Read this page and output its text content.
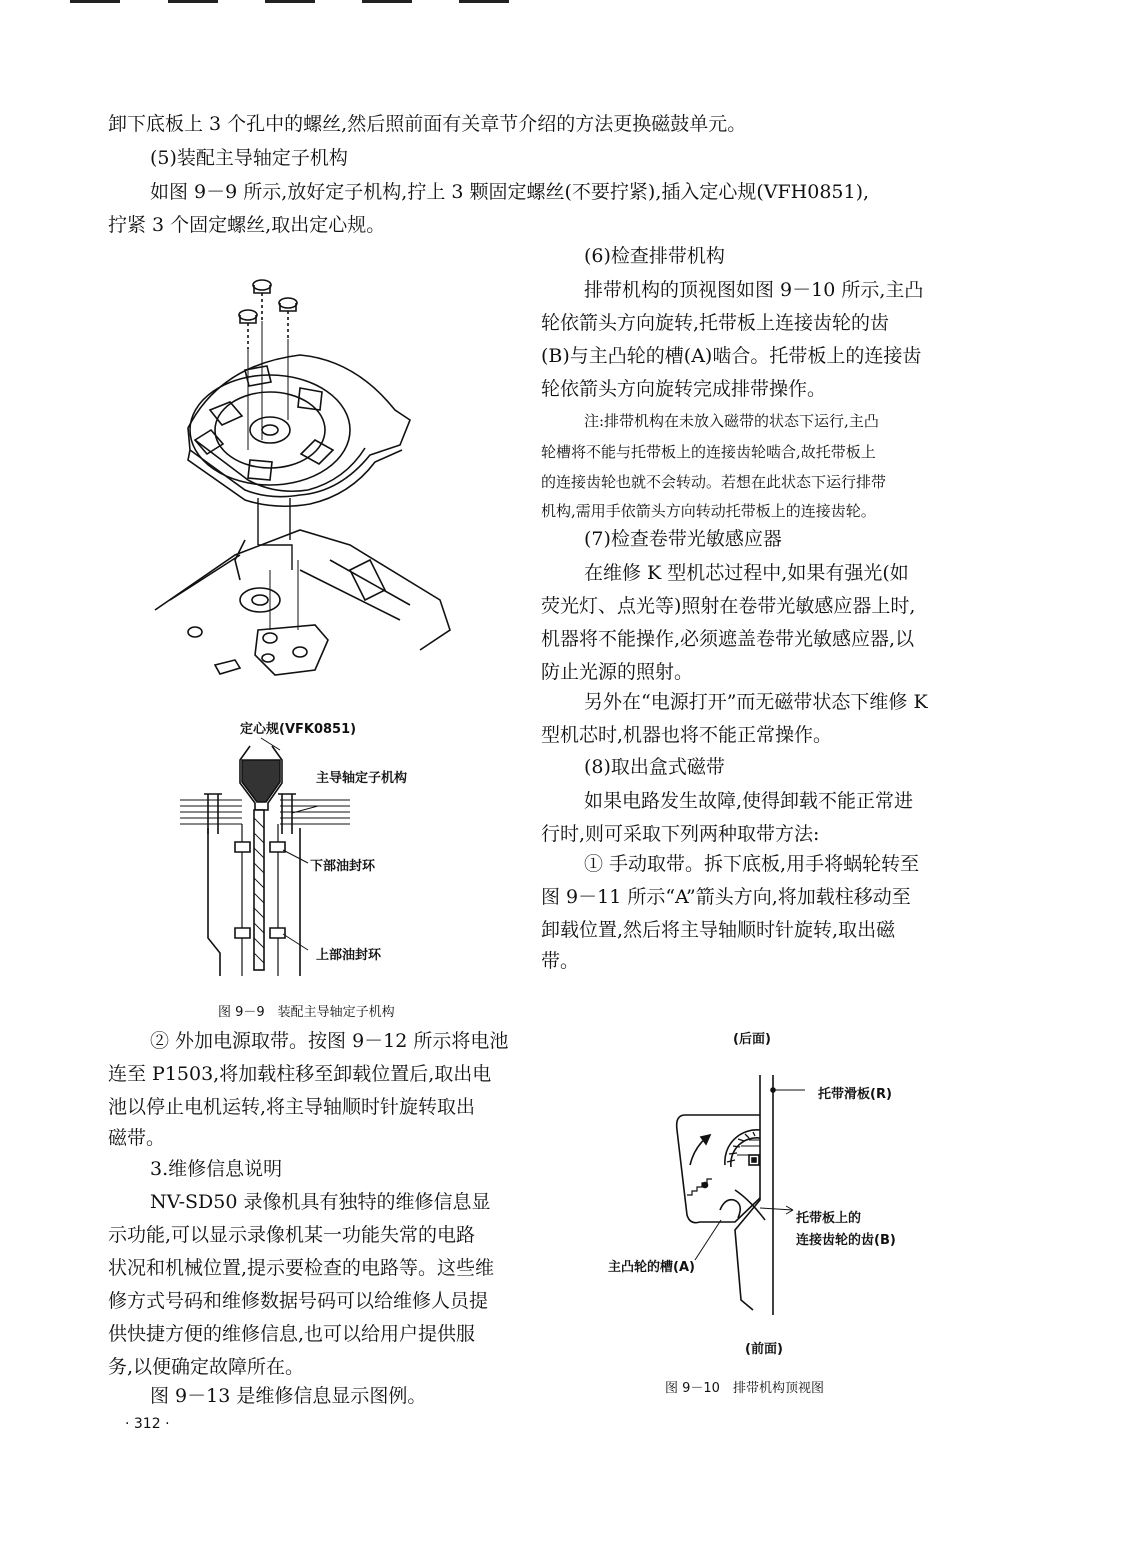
卸下底板上 3 个孔中的螺丝,然后照前面有关章节介绍的方法更换磁鼓单元。
(5)装配主导轴定子机构
如图 9－9 所示,放好定子机构,拧上 3 颗固定螺丝(不要拧紧),插入定心规(VFH0851),
拧紧 3 个固定螺丝,取出定心规。
(6)检查排带机构
排带机构的顶视图如图 9－10 所示,主凸
轮依箭头方向旋转,托带板上连接齿轮的齿
(B)与主凸轮的槽(A)啮合。托带板上的连接齿
轮依箭头方向旋转完成排带操作。
注:排带机构在未放入磁带的状态下运行,主凸
轮槽将不能与托带板上的连接齿轮啮合,故托带板上
的连接齿轮也就不会转动。若想在此状态下运行排带
机构,需用手依箭头方向转动托带板上的连接齿轮。
(7)检查卷带光敏感应器
在维修 K 型机芯过程中,如果有强光(如
荧光灯、点光等)照射在卷带光敏感应器上时,
机器将不能操作,必须遮盖卷带光敏感应器,以
防止光源的照射。
另外在“电源打开”而无磁带状态下维修 K
型机芯时,机器也将不能正常操作。
(8)取出盒式磁带
如果电路发生故障,使得卸载不能正常进
行时,则可采取下列两种取带方法:
① 手动取带。拆下底板,用手将蜗轮转至
图 9－11 所示“A”箭头方向,将加载柱移动至
卸载位置,然后将主导轴顺时针旋转,取出磁
带。
② 外加电源取带。按图 9－12 所示将电池
连至 P1503,将加载柱移至卸载位置后,取出电
池以停止电机运转,将主导轴顺时针旋转取出
磁带。
3.维修信息说明
NV-SD50 录像机具有独特的维修信息显
示功能,可以显示录像机某一功能失常的电路
状况和机械位置,提示要检查的电路等。这些维
修方式号码和维修数据号码可以给维修人员提
供快捷方便的维修信息,也可以给用户提供服
务,以便确定故障所在。
图 9－13 是维修信息显示图例。
· 312 ·
定心规(VFK0851)
主导轴定子机构
下部油封环
上部油封环
图 9－9　装配主导轴定子机构
(后面)
托带滑板(R)
托带板上的
连接齿轮的齿(B)
主凸轮的槽(A)
(前面)
图 9－10　排带机构顶视图
